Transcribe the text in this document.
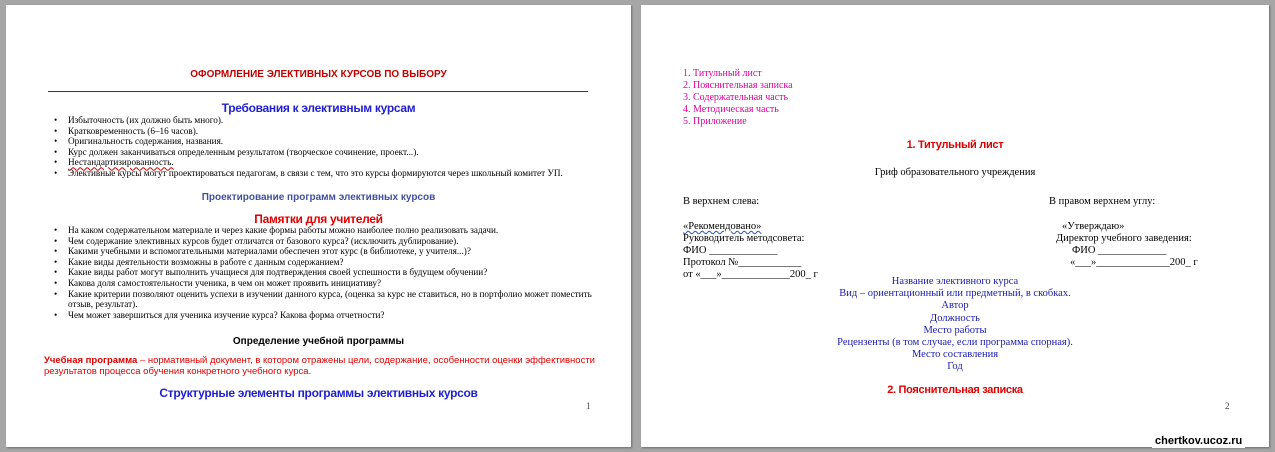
ОФОРМЛЕНИЕ ЭЛЕКТИВНЫХ КУРСОВ ПО ВЫБОРУ
Требования к элективным курсам
• Избыточность (их должно быть много).
• Кратковременность (6–16 часов).
• Оригинальность содержания, названия.
• Курс должен заканчиваться определенным результатом (творческое сочинение, проект...).
• Нестандартизированность.
• Элективные курсы могут проектироваться педагогам, в связи с тем, что это курсы формируются через школьный комитет УП.
Проектирование программ элективных курсов
Памятки для учителей
• На каком содержательном материале и через какие формы работы можно наиболее полно реализовать задачи.
• Чем содержание элективных курсов будет отличатся от базового курса? (исключить дублирование).
• Какими учебными и вспомогательными материалами обеспечен этот курс (в библиотеке, у учителя...)?
• Какие виды деятельности возможны в работе с данным содержанием?
• Какие виды работ могут выполнить учащиеся для подтверждения своей успешности в будущем обучении?
• Какова доля самостоятельности ученика, в чем он может проявить инициативу?
• Какие критерии позволяют оценить успехи в изучении данного курса, (оценка за курс не ставиться, но в портфолио может поместить
отзыв, результат).
• Чем может завершиться для ученика изучение курса? Какова форма отчетности?
Определение учебной программы
Учебная программа – нормативный документ, в котором отражены цели, содержание, особенности оценки эффективности
результатов процесса обучения конкретного учебного курса.
Структурные элементы программы элективных курсов
1
1. Титульный лист
2. Пояснительная записка
3. Содержательная часть
4. Методическая часть
5. Приложение
1. Титульный лист
Гриф образовательного учреждения
В верхнем слева:	В правом верхнем углу:
«Рекомендовано»
Руководитель методсовета:
ФИО _____________
Протокол №____________
от «___»_____________200_ г
«Утверждаю»
Директор учебного заведения:
ФИО _____________
«___»______________200_ г
Название элективного курса
Вид – ориентационный или предметный, в скобках.
Автор
Должность
Место работы
Рецензенты (в том случае, если программа спорная).
Место составления
Год
2. Пояснительная записка
2
chertkov.ucoz.ru
